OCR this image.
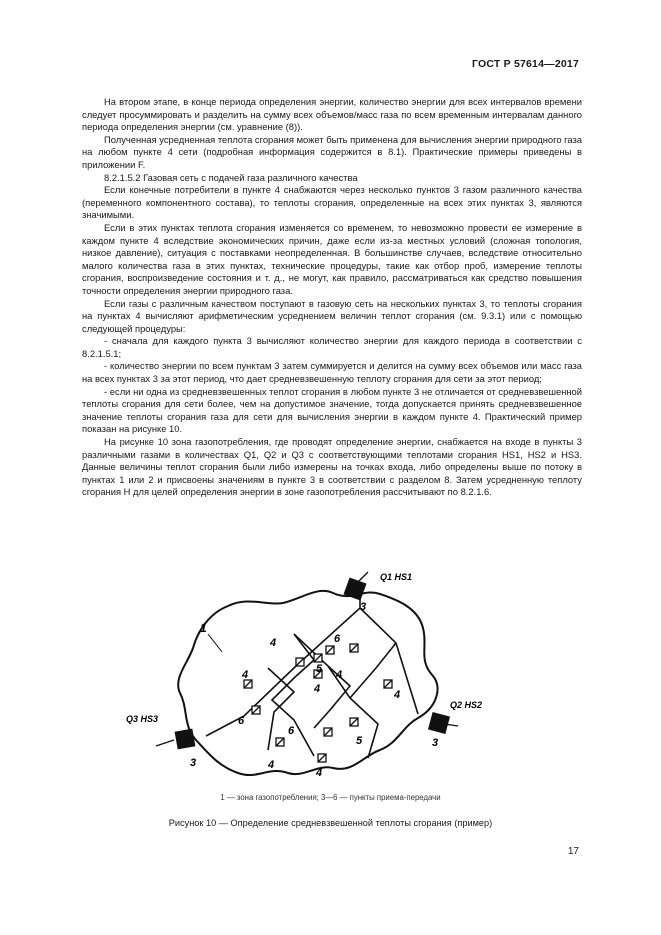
ГОСТ Р 57614—2017

На втором этапе, в конце периода определения энергии, количество энергии для всех интервалов времени следует просуммировать и разделить на сумму всех объемов/масс газа по всем временным интервалам данного периода определения энергии (см. уравнение (8)).

Полученная усредненная теплота сгорания может быть применена для вычисления энергии природного газа на любом пункте 4 сети (подробная информация содержится в 8.1). Практические примеры приведены в приложении F.

8.2.1.5.2 Газовая сеть с подачей газа различного качества

Если конечные потребители в пункте 4 снабжаются через несколько пунктов 3 газом различного качества (переменного компонентного состава), то теплоты сгорания, определенные на всех этих пунктах 3, являются значимыми.

Если в этих пунктах теплота сгорания изменяется со временем, то невозможно провести ее измерение в каждом пункте 4 вследствие экономических причин, даже если из-за местных условий (сложная топология, низкое давление), ситуация с поставками неопределенная. В большинстве случаев, вследствие относительно малого количества газа в этих пунктах, технические процедуры, такие как отбор проб, измерение теплоты сгорания, воспроизведение состояния и т. д., не могут, как правило, рассматриваться как средство повышения точности определения энергии природного газа.

Если газы с различным качеством поступают в газовую сеть на нескольких пунктах 3, то теплоты сгорания на пунктах 4 вычисляют арифметическим усреднением величин теплот сгорания (см. 9.3.1) или с помощью следующей процедуры:

- сначала для каждого пункта 3 вычисляют количество энергии для каждого периода в соответствии с 8.2.1.5.1;

- количество энергии по всем пунктам 3 затем суммируется и делится на сумму всех объемов или масс газа на всех пунктах 3 за этот период, что дает средневзвешенную теплоту сгорания для сети за этот период;

- если ни одна из средневзвешенных теплот сгорания в любом пункте 3 не отличается от средневзвешенной теплоты сгорания для сети более, чем на допустимое значение, тогда допускается принять средневзвешенное значение теплоты сгорания газа для сети для вычисления энергии в каждом пункте 4. Практический пример показан на рисунке 10.

На рисунке 10 зона газопотребления, где проводят определение энергии, снабжается на входе в пункты 3 различными газами в количествах Q1, Q2 и Q3 с соответствующими теплотами сгорания HS1, HS2 и HS3. Данные величины теплот сгорания были либо измерены на точках входа, либо определены выше по потоку в пунктах 1 или 2 и присвоены значениям в пункте 3 в соответствии с разделом 8. Затем усредненную теплоту сгорания H для целей определения энергии в зоне газопотребления рассчитывают по 8.2.1.6.

Q1 HS1
Q2 HS2
Q3 HS3
1
3
3
3
4
4
4
4
4
4
4
5
5
6
6
6
1 — зона газопотребления; 3—6 — пункты приема-передачи
Рисунок 10 — Определение средневзвешенной теплоты сгорания (пример)
17
